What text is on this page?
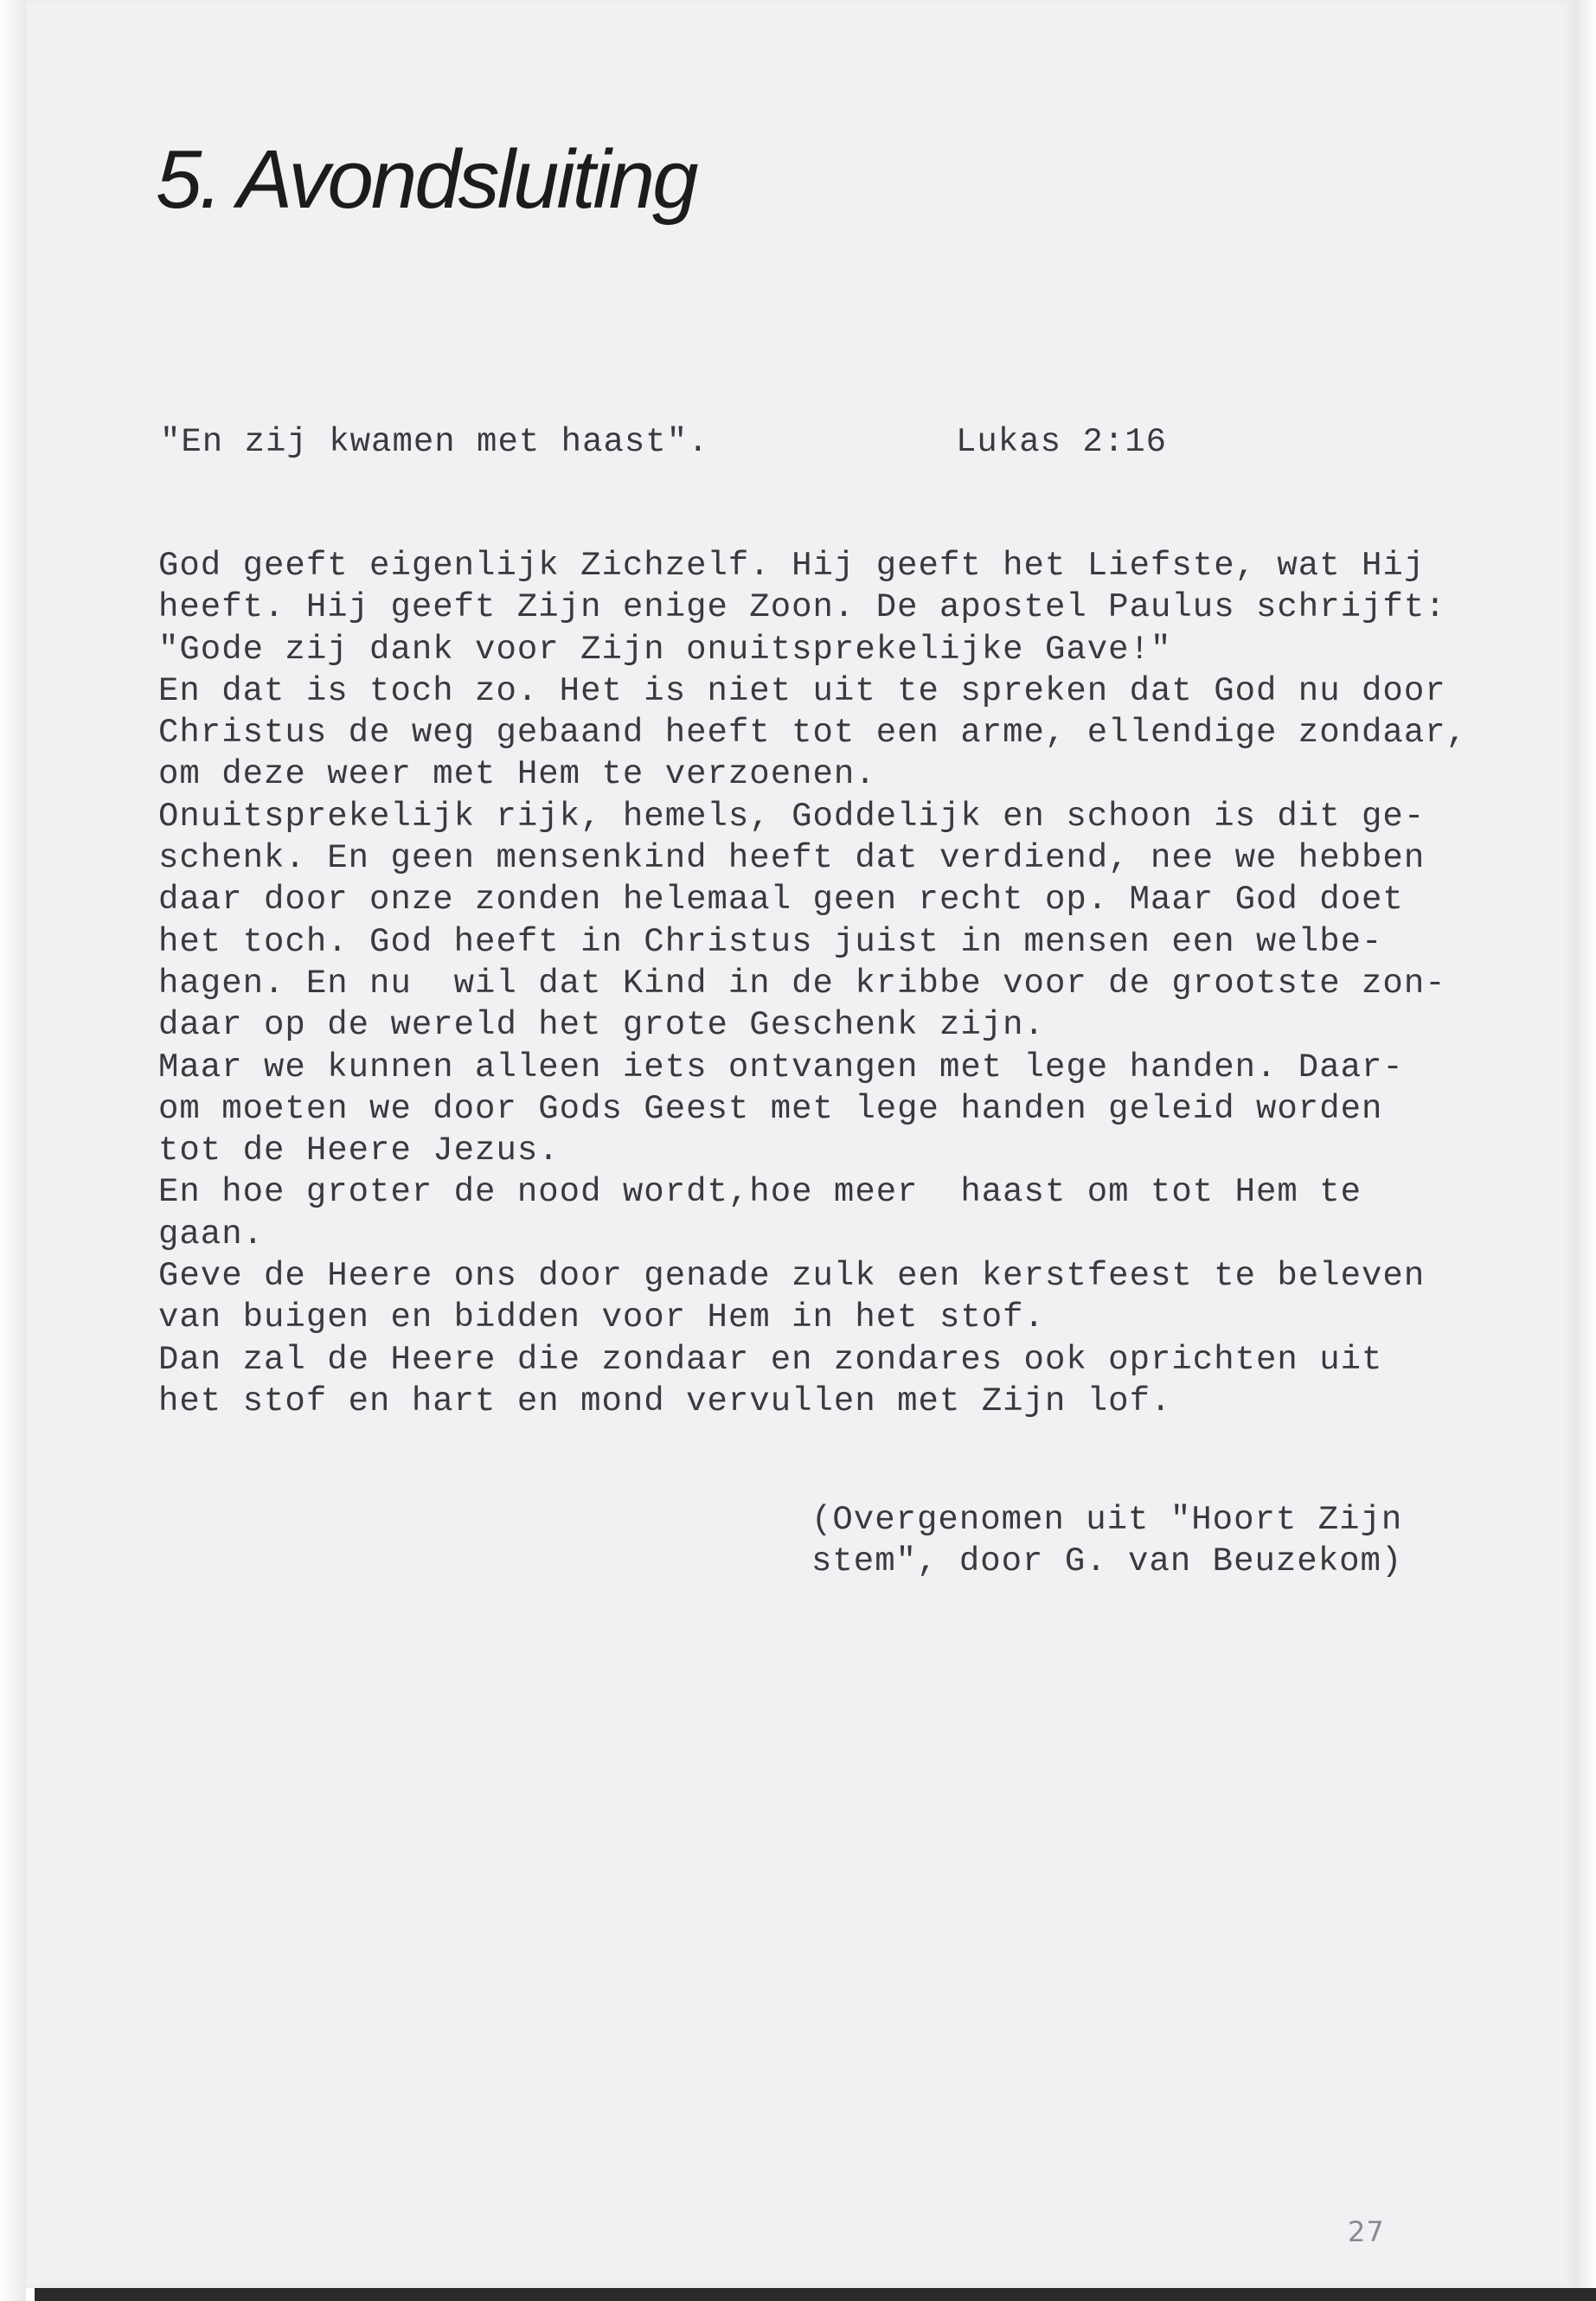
5. Avondsluiting
"En zij kwamen met haast".	Lukas 2:16
God geeft eigenlijk Zichzelf. Hij geeft het Liefste, wat Hij
heeft. Hij geeft Zijn enige Zoon. De apostel Paulus schrijft:
"Gode zij dank voor Zijn onuitsprekelijke Gave!"
En dat is toch zo. Het is niet uit te spreken dat God nu door
Christus de weg gebaand heeft tot een arme, ellendige zondaar,
om deze weer met Hem te verzoenen.
Onuitsprekelijk rijk, hemels, Goddelijk en schoon is dit ge-
schenk. En geen mensenkind heeft dat verdiend, nee we hebben
daar door onze zonden helemaal geen recht op. Maar God doet
het toch. God heeft in Christus juist in mensen een welbe-
hagen. En nu  wil dat Kind in de kribbe voor de grootste zon-
daar op de wereld het grote Geschenk zijn.
Maar we kunnen alleen iets ontvangen met lege handen. Daar-
om moeten we door Gods Geest met lege handen geleid worden
tot de Heere Jezus.
En hoe groter de nood wordt,hoe meer  haast om tot Hem te
gaan.
Geve de Heere ons door genade zulk een kerstfeest te beleven
van buigen en bidden voor Hem in het stof.
Dan zal de Heere die zondaar en zondares ook oprichten uit
het stof en hart en mond vervullen met Zijn lof.
(Overgenomen uit "Hoort Zijn
stem", door G. van Beuzekom)
27
